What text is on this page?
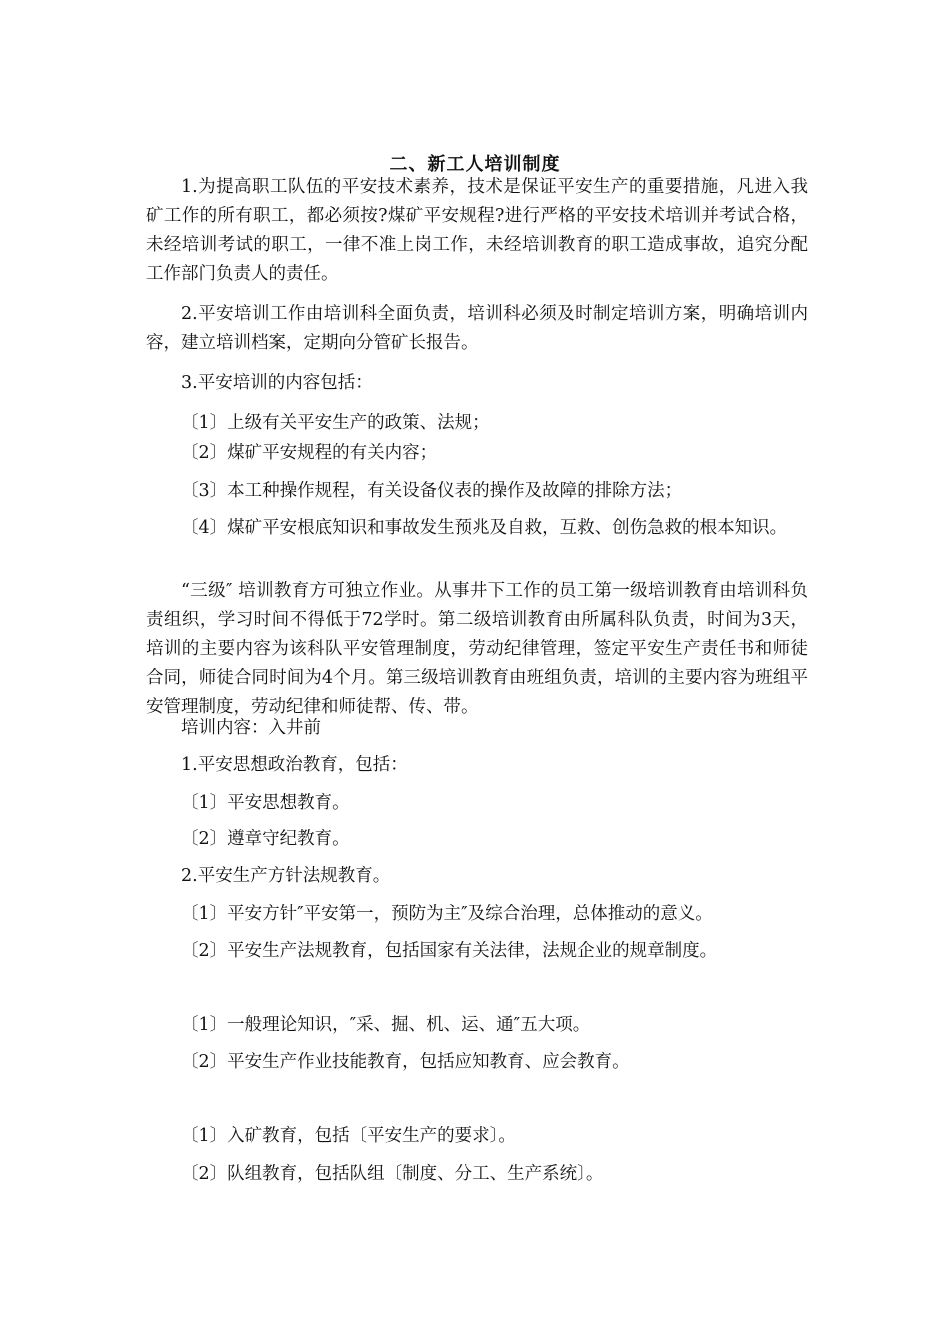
二、新工人培训制度

1.为提高职工队伍的平安技术素养，技术是保证平安生产的重要措施，凡进入我矿工作的所有职工，都必须按?煤矿平安规程?进行严格的平安技术培训并考试合格，未经培训考试的职工，一律不准上岗工作，未经培训教育的职工造成事故，追究分配工作部门负责人的责任。

2.平安培训工作由培训科全面负责，培训科必须及时制定培训方案，明确培训内容，建立培训档案，定期向分管矿长报告。

3.平安培训的内容包括：

〔1〕上级有关平安生产的政策、法规；

〔2〕煤矿平安规程的有关内容；

〔3〕本工种操作规程，有关设备仪表的操作及故障的排除方法；

〔4〕煤矿平安根底知识和事故发生预兆及自救，互救、创伤急救的根本知识。

“三级″ 培训教育方可独立作业。从事井下工作的员工第一级培训教育由培训科负责组织，学习时间不得低于72学时。第二级培训教育由所属科队负责，时间为3天，培训的主要内容为该科队平安管理制度，劳动纪律管理，签定平安生产责任书和师徒合同，师徒合同时间为4个月。第三级培训教育由班组负责，培训的主要内容为班组平安管理制度，劳动纪律和师徒帮、传、带。

培训内容：入井前

1.平安思想政治教育，包括：

〔1〕平安思想教育。

〔2〕遵章守纪教育。

2.平安生产方针法规教育。

〔1〕平安方针″平安第一，预防为主″及综合治理，总体推动的意义。

〔2〕平安生产法规教育，包括国家有关法律，法规企业的规章制度。

〔1〕一般理论知识，″采、掘、机、运、通″五大项。

〔2〕平安生产作业技能教育，包括应知教育、应会教育。

〔1〕入矿教育，包括〔平安生产的要求〕。

〔2〕队组教育，包括队组〔制度、分工、生产系统〕。
